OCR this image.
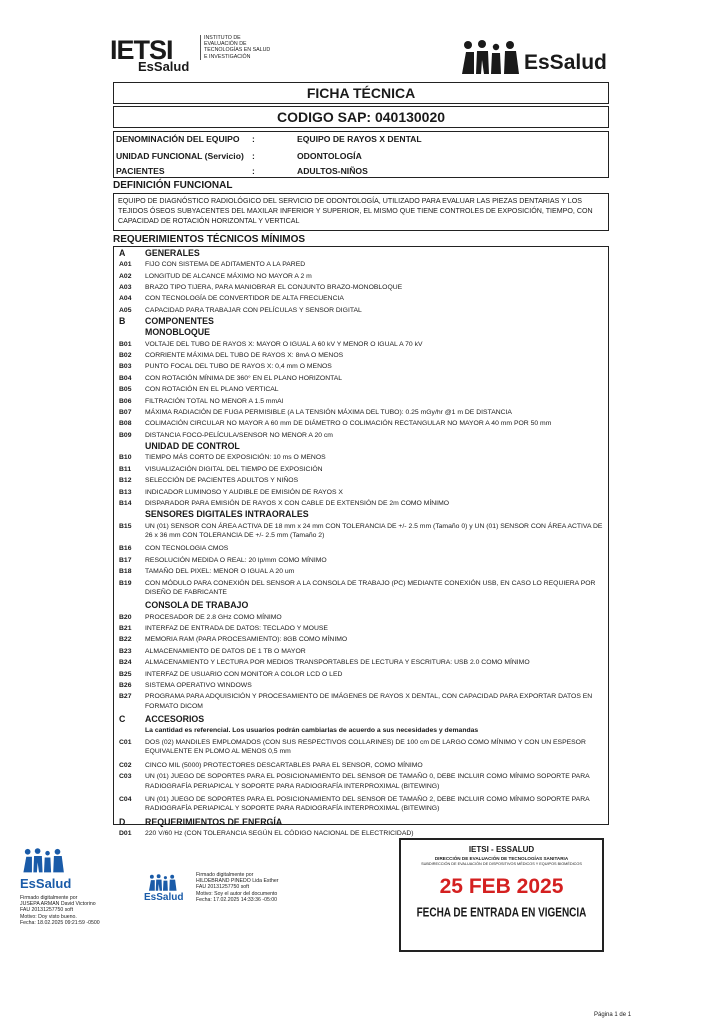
IETSI
EsSalud
INSTITUTO DE EVALUACIÓN DE TECNOLOGÍAS EN SALUD E INVESTIGACIÓN	EsSalud
FICHA TÉCNICA
CODIGO SAP: 040130020
DENOMINACIÓN DEL EQUIPO :	EQUIPO DE RAYOS X DENTAL
UNIDAD FUNCIONAL (Servicio) :	ODONTOLOGÍA
PACIENTES	:	ADULTOS-NIÑOS
DEFINICIÓN FUNCIONAL
EQUIPO DE DIAGNÓSTICO RADIOLÓGICO DEL SERVICIO DE ODONTOLOGÍA, UTILIZADO PARA EVALUAR LAS PIEZAS DENTARIAS Y LOS TEJIDOS ÓSEOS SUBYACENTES DEL MAXILAR INFERIOR Y SUPERIOR, EL MISMO QUE TIENE CONTROLES DE EXPOSICIÓN, TIEMPO, CON CAPACIDAD DE ROTACIÓN HORIZONTAL Y VERTICAL
REQUERIMIENTOS TÉCNICOS MÍNIMOS
A	GENERALES
A01	FIJO CON SISTEMA DE ADITAMENTO A LA PARED
A02	LONGITUD DE ALCANCE MÁXIMO NO MAYOR A 2 m
A03	BRAZO TIPO TIJERA, PARA MANIOBRAR EL CONJUNTO BRAZO-MONOBLOQUE
A04	CON TECNOLOGÍA DE CONVERTIDOR DE ALTA FRECUENCIA
A05	CAPACIDAD PARA TRABAJAR CON PELÍCULAS Y SENSOR DIGITAL
B	COMPONENTES
MONOBLOQUE
B01	VOLTAJE DEL TUBO DE RAYOS X: MAYOR O IGUAL A 60 kV Y MENOR O IGUAL A 70 kV
B02	CORRIENTE MÁXIMA DEL TUBO DE RAYOS X: 8mA O MENOS
B03	PUNTO FOCAL DEL TUBO DE RAYOS X: 0,4 mm O MENOS
B04	CON ROTACIÓN MÍNIMA DE 360° EN EL PLANO HORIZONTAL
B05	CON ROTACIÓN EN EL PLANO VERTICAL
B06	FILTRACIÓN TOTAL NO MENOR A 1.5 mmAl
B07	MÁXIMA RADIACIÓN DE FUGA PERMISIBLE (A LA TENSIÓN MÁXIMA DEL TUBO): 0.25 mGy/hr @1 m DE DISTANCIA
B08	COLIMACIÓN CIRCULAR NO MAYOR A 60 mm DE DIÁMETRO O COLIMACIÓN RECTANGULAR NO MAYOR A 40 mm POR 50 mm
B09	DISTANCIA FOCO-PELÍCULA/SENSOR NO MENOR A 20 cm
UNIDAD DE CONTROL
B10	TIEMPO MÁS CORTO DE EXPOSICIÓN: 10 ms O MENOS
B11	VISUALIZACIÓN DIGITAL DEL TIEMPO DE EXPOSICIÓN
B12	SELECCIÓN DE PACIENTES ADULTOS Y NIÑOS
B13	INDICADOR LUMINOSO Y AUDIBLE DE EMISIÓN DE RAYOS X
B14	DISPARADOR PARA EMISIÓN DE RAYOS X CON CABLE DE EXTENSIÓN DE 2m COMO MÍNIMO
SENSORES DIGITALES INTRAORALES
B15	UN (01) SENSOR CON ÁREA ACTIVA DE 18 mm x 24 mm CON TOLERANCIA DE +/- 2.5 mm (Tamaño 0) y UN (01) SENSOR CON ÁREA ACTIVA DE 26 x 36 mm CON TOLERANCIA DE +/- 2.5 mm (Tamaño 2)
B16	CON TECNOLOGIA CMOS
B17	RESOLUCIÓN MEDIDA O REAL: 20 lp/mm COMO MÍNIMO
B18	TAMAÑO DEL PIXEL: MENOR O IGUAL A 20 um
B19	CON MÓDULO PARA CONEXIÓN DEL SENSOR A LA CONSOLA DE TRABAJO (PC) MEDIANTE CONEXIÓN USB, EN CASO LO REQUIERA POR DISEÑO DE FABRICANTE
CONSOLA DE TRABAJO
B20	PROCESADOR DE 2.8 GHz COMO MÍNIMO
B21	INTERFAZ DE ENTRADA DE DATOS: TECLADO Y MOUSE
B22	MEMORIA RAM (PARA PROCESAMIENTO): 8GB COMO MÍNIMO
B23	ALMACENAMIENTO DE DATOS DE 1 TB O MAYOR
B24	ALMACENAMIENTO Y LECTURA POR MEDIOS TRANSPORTABLES DE LECTURA Y ESCRITURA: USB 2.0 COMO MÍNIMO
B25	INTERFAZ DE USUARIO CON MONITOR A COLOR LCD O LED
B26	SISTEMA OPERATIVO WINDOWS
B27	PROGRAMA PARA ADQUISICIÓN Y PROCESAMIENTO DE IMÁGENES DE RAYOS X DENTAL, CON CAPACIDAD PARA EXPORTAR DATOS EN FORMATO DICOM
C	ACCESORIOS
La cantidad es referencial. Los usuarios podrán cambiarlas de acuerdo a sus necesidades y demandas
C01	DOS (02) MANDILES EMPLOMADOS (CON SUS RESPECTIVOS COLLARINES) DE 100 cm DE LARGO COMO MÍNIMO Y CON UN ESPESOR EQUIVALENTE EN PLOMO AL MENOS 0,5 mm
C02	CINCO MIL (5000) PROTECTORES DESCARTABLES PARA EL SENSOR, COMO MÍNIMO
C03	UN (01) JUEGO DE SOPORTES PARA EL POSICIONAMIENTO DEL SENSOR DE TAMAÑO 0, DEBE INCLUIR COMO MÍNIMO SOPORTE PARA RADIOGRAFÍA PERIAPICAL Y SOPORTE PARA RADIOGRAFÍA INTERPROXIMAL (BITEWING)
C04	UN (01) JUEGO DE SOPORTES PARA EL POSICIONAMIENTO DEL SENSOR DE TAMAÑO 2, DEBE INCLUIR COMO MÍNIMO SOPORTE PARA RADIOGRAFÍA PERIAPICAL Y SOPORTE PARA RADIOGRAFÍA INTERPROXIMAL (BITEWING)
D	REQUERIMIENTOS DE ENERGÍA
D01	220 V/60 Hz (CON TOLERANCIA SEGÚN EL CÓDIGO NACIONAL DE ELECTRICIDAD)
EsSalud
Firmado digitalmente por
JUSEPA ARMAN David Victorino
FAU 20131257750 soft
Motivo: Doy visto bueno.
Fecha: 18.02.2025 09:21:59 -0500
EsSalud
Firmado digitalmente por
HILDEBRAND PINEDO Lida Esther
FAU 20131257750 soft
Motivo: Soy el autor del documento
Fecha: 17.02.2025 14:33:36 -05:00
IETSI - ESSALUD
DIRECCIÓN DE EVALUACIÓN DE TECNOLOGÍAS SANITARIA
SUBDIRECCIÓN DE EVALUACIÓN DE DISPOSITIVOS MÉDICOS Y EQUIPOS BIOMÉDICOS
25 FEB 2025
FECHA DE ENTRADA EN VIGENCIA
Página 1 de 1
